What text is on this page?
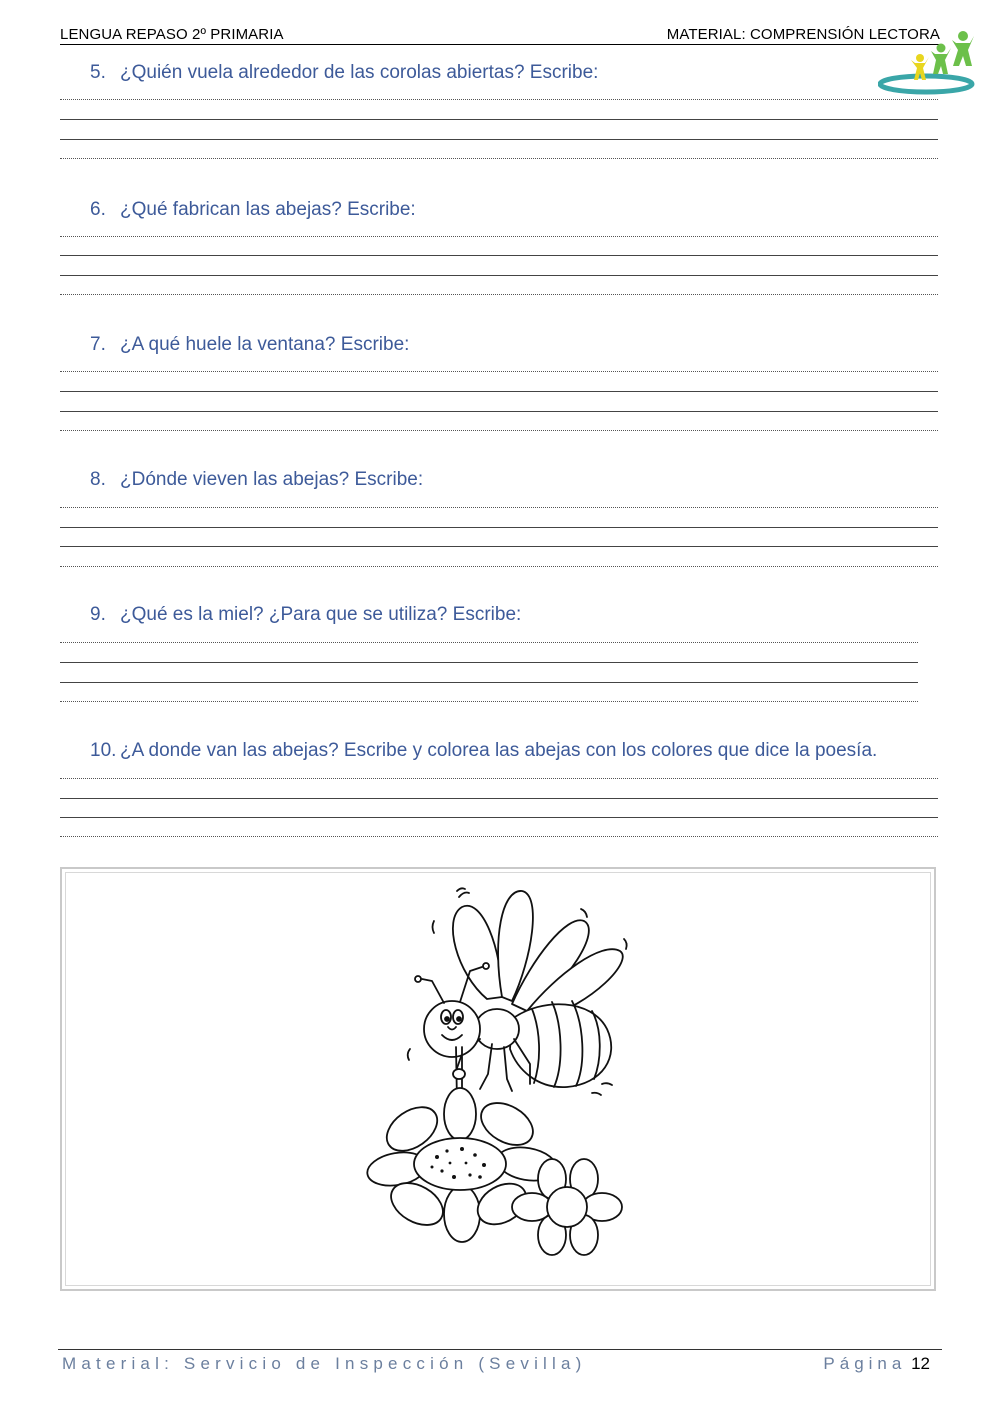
LENGUA REPASO 2º PRIMARIA	MATERIAL: COMPRENSIÓN LECTORA
5. ¿Quién vuela alrededor de las corolas abiertas? Escribe:
6. ¿Qué fabrican las abejas? Escribe:
7. ¿A qué huele la ventana? Escribe:
8. ¿Dónde vieven las abejas? Escribe:
9. ¿Qué es la miel? ¿Para que se utiliza? Escribe:
10. ¿A donde van las abejas? Escribe y colorea las abejas con los colores que dice la poesía.
Material: Servicio de Inspección (Sevilla)	Página 12
